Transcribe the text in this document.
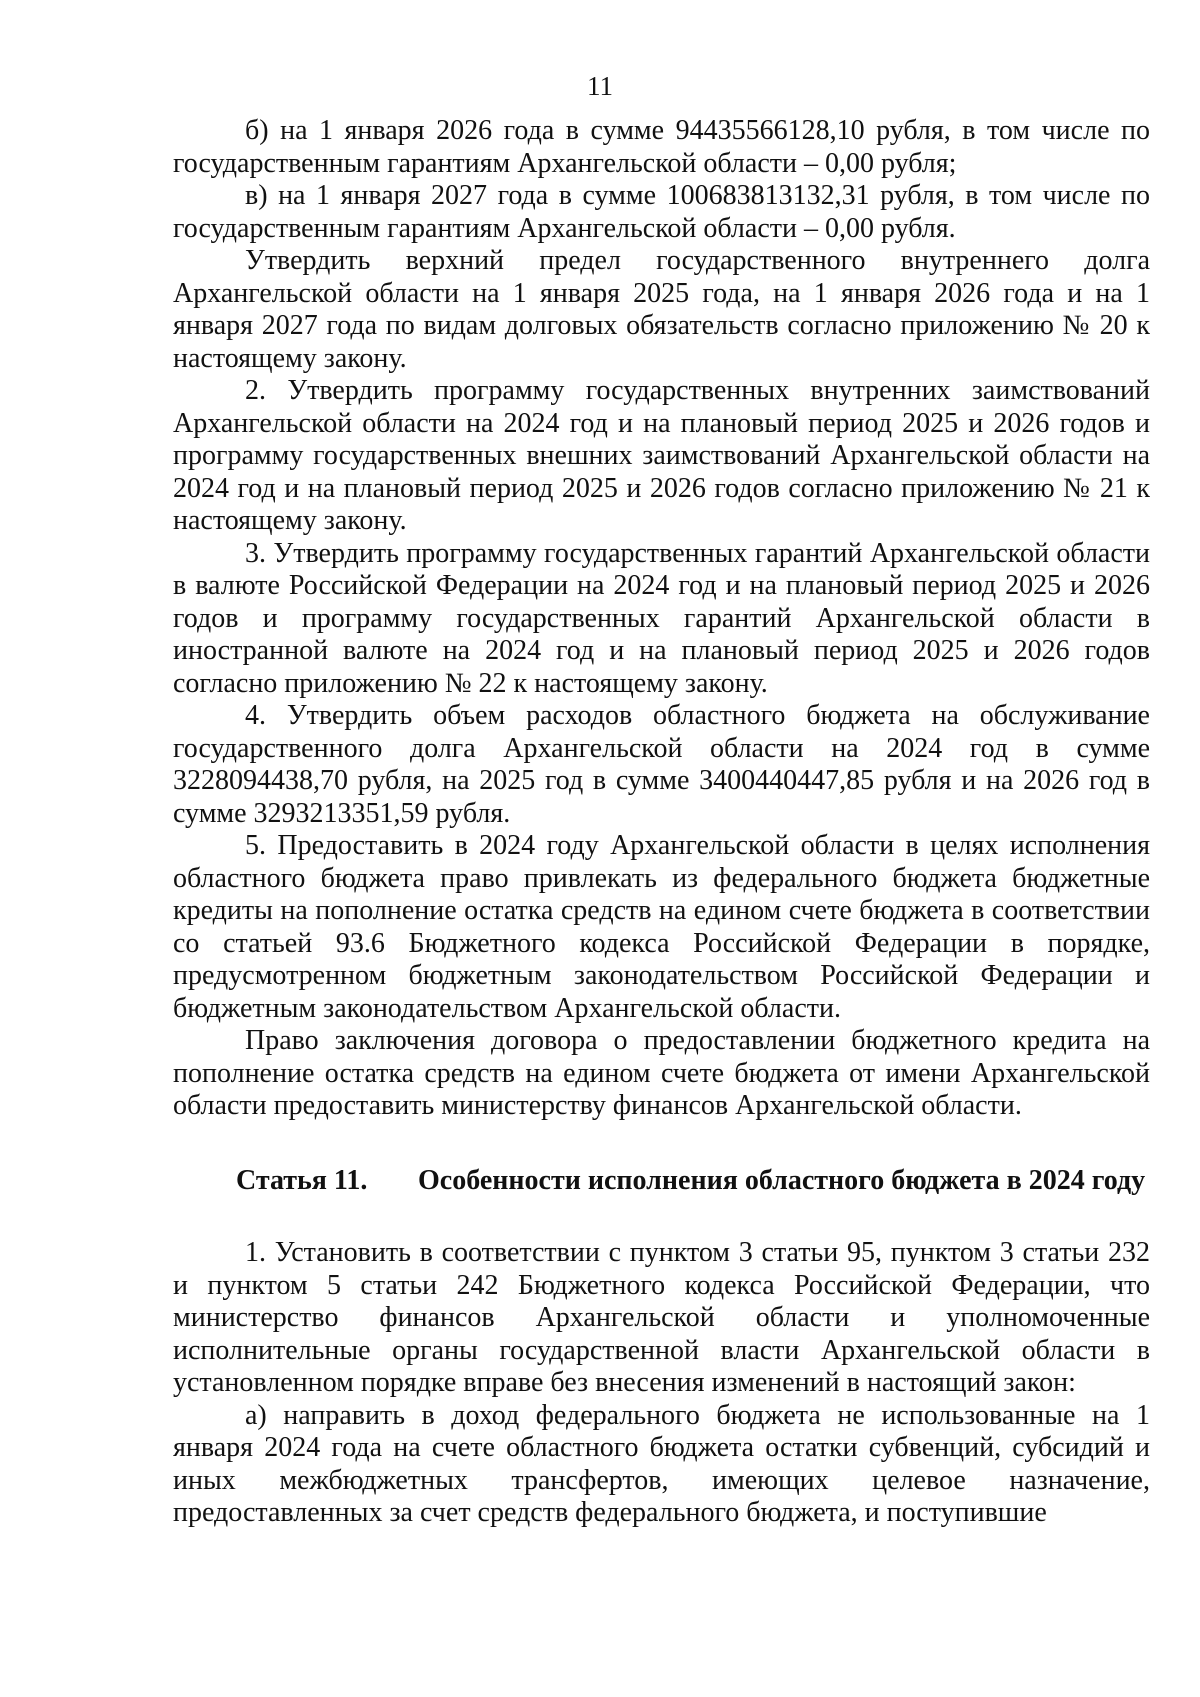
11

б) на 1 января 2026 года в сумме 94435566128,10 рубля, в том числе по государственным гарантиям Архангельской области – 0,00 рубля;

в) на 1 января 2027 года в сумме 100683813132,31 рубля, в том числе по государственным гарантиям Архангельской области – 0,00 рубля.

Утвердить верхний предел государственного внутреннего долга Архангельской области на 1 января 2025 года, на 1 января 2026 года и на 1 января 2027 года по видам долговых обязательств согласно приложению № 20 к настоящему закону.

2. Утвердить программу государственных внутренних заимствований Архангельской области на 2024 год и на плановый период 2025 и 2026 годов и программу государственных внешних заимствований Архангельской области на 2024 год и на плановый период 2025 и 2026 годов согласно приложению № 21 к настоящему закону.

3. Утвердить программу государственных гарантий Архангельской области в валюте Российской Федерации на 2024 год и на плановый период 2025 и 2026 годов и программу государственных гарантий Архангельской области в иностранной валюте на 2024 год и на плановый период 2025 и 2026 годов согласно приложению № 22 к настоящему закону.

4. Утвердить объем расходов областного бюджета на обслуживание государственного долга Архангельской области на 2024 год в сумме 3228094438,70 рубля, на 2025 год в сумме 3400440447,85 рубля и на 2026 год в сумме 3293213351,59 рубля.

5. Предоставить в 2024 году Архангельской области в целях исполнения областного бюджета право привлекать из федерального бюджета бюджетные кредиты на пополнение остатка средств на едином счете бюджета в соответствии со статьей 93.6 Бюджетного кодекса Российской Федерации в порядке, предусмотренном бюджетным законодательством Российской Федерации и бюджетным законодательством Архангельской области.

Право заключения договора о предоставлении бюджетного кредита на пополнение остатка средств на едином счете бюджета от имени Архангельской области предоставить министерству финансов Архангельской области.

Статья 11.	Особенности исполнения областного бюджета в 2024 году

1. Установить в соответствии с пунктом 3 статьи 95, пунктом 3 статьи 232 и пунктом 5 статьи 242 Бюджетного кодекса Российской Федерации, что министерство финансов Архангельской области и уполномоченные исполнительные органы государственной власти Архангельской области в установленном порядке вправе без внесения изменений в настоящий закон:

а) направить в доход федерального бюджета не использованные на 1 января 2024 года на счете областного бюджета остатки субвенций, субсидий и иных межбюджетных трансфертов, имеющих целевое назначение, предоставленных за счет средств федерального бюджета, и поступившие
